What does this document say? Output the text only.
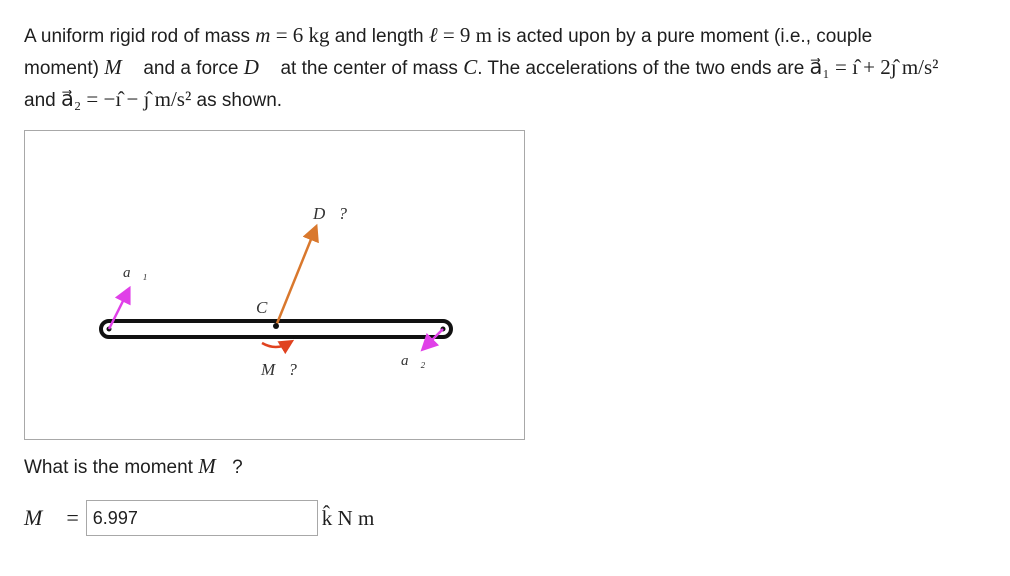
A uniform rigid rod of mass m = 6 kg and length ℓ = 9 m is acted upon by a pure moment (i.e., couple
moment) M⃗ and a force D⃗ at the center of mass C. The accelerations of the two ends are a⃗₁ = ı̂ + 2ȷ̂ m/s²
and a⃗₂ = −ı̂ − ȷ̂ m/s² as shown.
D⃗?
C
a⃗₁
a⃗₂
M⃗?
What is the moment M⃗?
M⃗ =
6.997	k̂ N m
